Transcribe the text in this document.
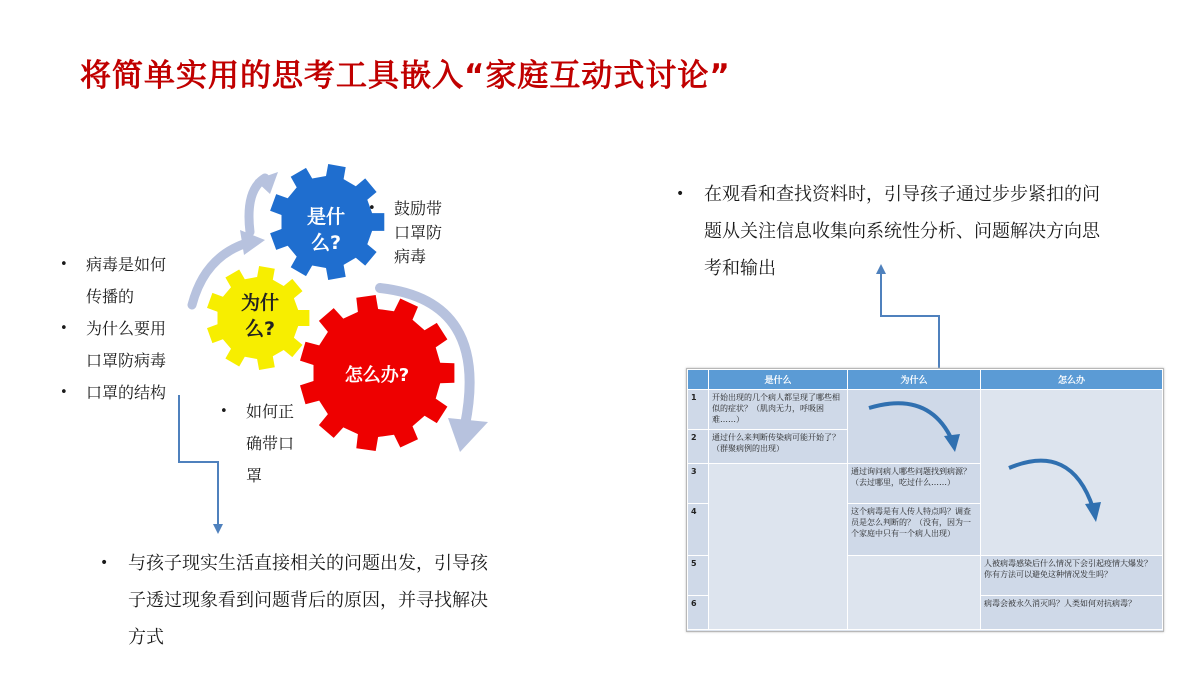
将简单实用的思考工具嵌入“家庭互动式讨论”
是什么?
为什么?
怎么办?
• 鼓励带
口罩防
病毒
• 病毒是如何
传播的
• 为什么要用
口罩防病毒
• 口罩的结构
• 如何正
确带口
罩
• 与孩子现实生活直接相关的问题出发，引导孩
子透过现象看到问题背后的原因，并寻找解决
方式
• 在观看和查找资料时，引导孩子通过步步紧扣的问
题从关注信息收集向系统性分析、问题解决方向思
考和输出
	是什么	为什么	怎么办
1	开始出现的几个病人都呈现了哪些相似的症状？（肌肉无力，呼吸困难……）	

2	通过什么来判断传染病可能开始了？（群聚病例的出现）		
3		通过询问病人哪些问题找到病源？（去过哪里，吃过什么……）	
4		这个病毒是有人传人特点吗？调查员是怎么判断的？（没有，因为一个家庭中只有一个病人出现）	
5			人被病毒感染后什么情况下会引起疫情大爆发？你有方法可以避免这种情况发生吗？
6			病毒会被永久消灭吗？人类如何对抗病毒？
